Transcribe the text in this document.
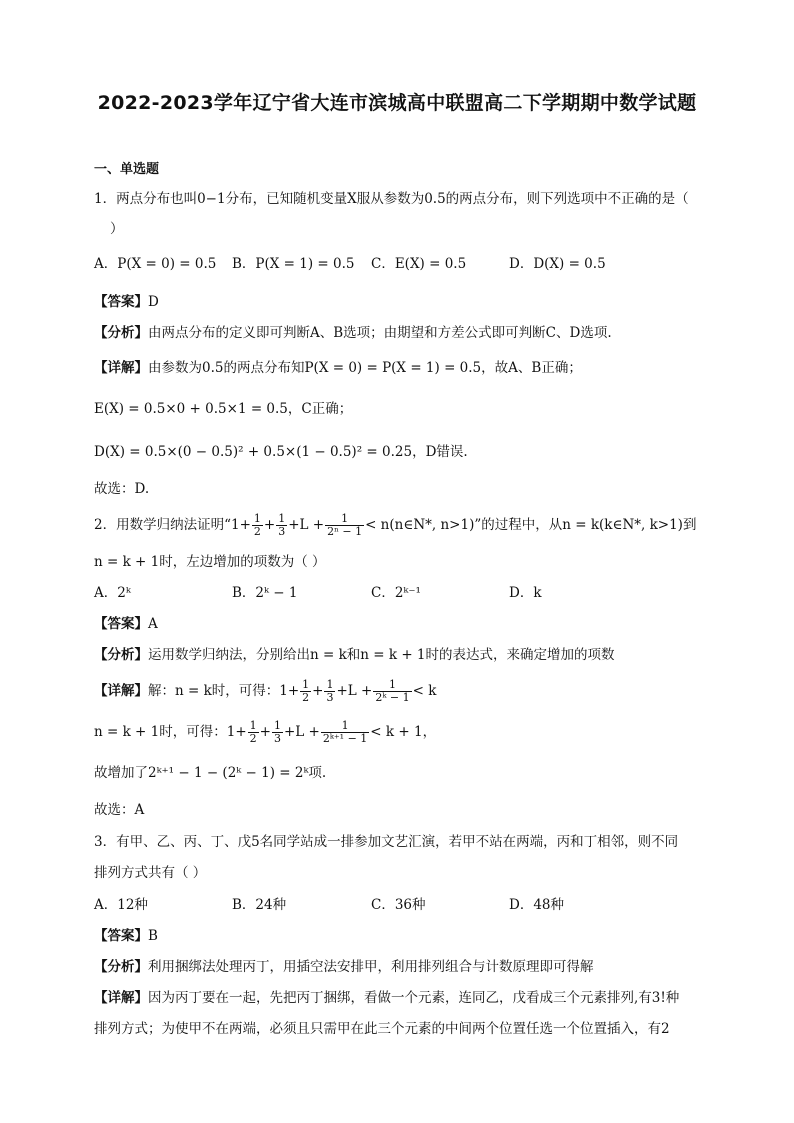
2022-2023学年辽宁省大连市滨城高中联盟高二下学期期中数学试题
一、单选题
1．两点分布也叫0−1分布，已知随机变量X服从参数为0.5的两点分布，则下列选项中不正确的是（
）
A．P(X = 0) = 0.5 B．P(X = 1) = 0.5 C．E(X) = 0.5	D．D(X) = 0.5
【答案】D
【分析】由两点分布的定义即可判断A、B选项；由期望和方差公式即可判断C、D选项.
【详解】由参数为0.5的两点分布知P(X = 0) = P(X = 1) = 0.5，故A、B正确；
E(X) = 0.5×0 + 0.5×1 = 0.5，C正确；
D(X) = 0.5×(0 − 0.5)² + 0.5×(1 − 0.5)² = 0.25，D错误.
故选：D.
2．用数学归纳法证明“$1+ \frac{1}{2} + \frac{1}{3} +L + \frac{1}{\text{2ⁿ − 1}}$ < n(n∈N*, n>1)”的过程中，从n = k(k∈N*, k>1)到
n = k + 1时，左边增加的项数为（ ）
A．2ᵏ	B．2ᵏ − 1	C．2ᵏ⁻¹	D．k
【答案】A
【分析】运用数学归纳法，分别给出n = k和n = k + 1时的表达式，来确定增加的项数
【详解】解：n = k时，可得：$1+ \frac{1}{2} + \frac{1}{3} +L + \frac{1}{\text{2ᵏ − 1}} < k$
n = k + 1时，可得：$1+ \frac{1}{2} + \frac{1}{3} +L + \frac{1}{\text{2ᵏ⁺¹ − 1}} < k + 1$，
故增加了2ᵏ⁺¹ − 1 − (2ᵏ − 1) = 2ᵏ项.
故选：A
3．有甲、乙、丙、丁、戊5名同学站成一排参加文艺汇演，若甲不站在两端，丙和丁相邻，则不同
排列方式共有（ ）
A．12种	B．24种	C．36种	D．48种
【答案】B
【分析】利用捆绑法处理丙丁，用插空法安排甲，利用排列组合与计数原理即可得解
【详解】因为丙丁要在一起，先把丙丁捆绑，看做一个元素，连同乙，戊看成三个元素排列,有3!种
排列方式；为使甲不在两端，必须且只需甲在此三个元素的中间两个位置任选一个位置插入，有2
